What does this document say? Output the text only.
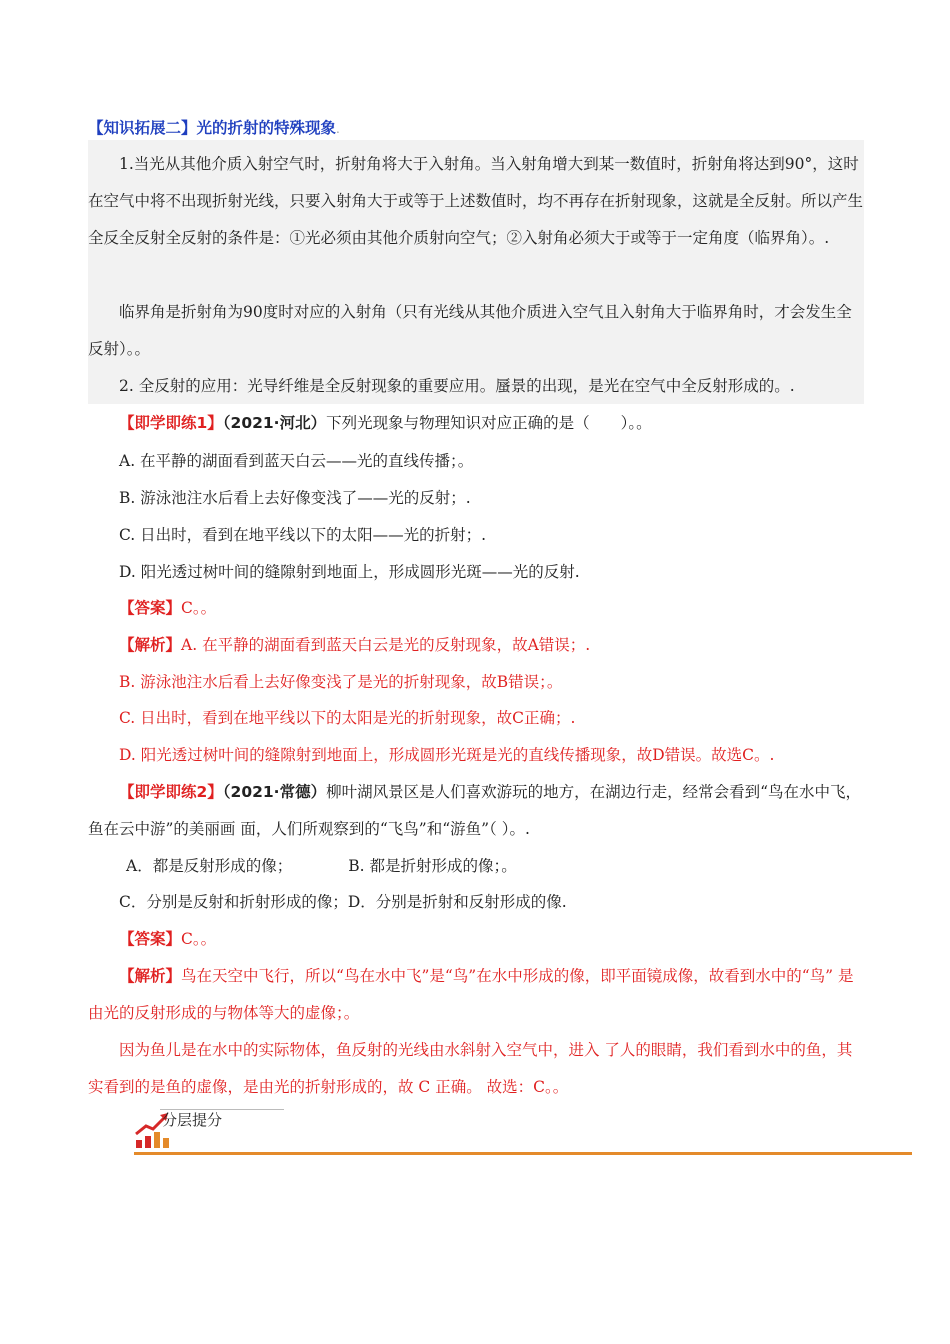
【知识拓展二】光的折射的特殊现象.
1.当光从其他介质入射空气时，折射角将大于入射角。当入射角增大到某一数值时，折射角将达到90°，这时在空气中将不出现折射光线，只要入射角大于或等于上述数值时，均不再存在折射现象，这就是全反射。所以产生全反全反射全反射的条件是：①光必须由其他介质射向空气；②入射角必须大于或等于一定角度（临界角）。.
临界角是折射角为90度时对应的入射角（只有光线从其他介质进入空气且入射角大于临界角时，才会发生全反射）。。
2. 全反射的应用：光导纤维是全反射现象的重要应用。蜃景的出现，是光在空气中全反射形成的。.
【即学即练1】（2021·河北）下列光现象与物理知识对应正确的是（　　）。。
A. 在平静的湖面看到蓝天白云——光的直线传播；。
B. 游泳池注水后看上去好像变浅了——光的反射；.
C. 日出时，看到在地平线以下的太阳——光的折射；.
D. 阳光透过树叶间的缝隙射到地面上，形成圆形光斑——光的反射.
【答案】C。。
【解析】A. 在平静的湖面看到蓝天白云是光的反射现象，故A错误；.
B. 游泳池注水后看上去好像变浅了是光的折射现象，故B错误；。
C. 日出时，看到在地平线以下的太阳是光的折射现象，故C正确；.
D. 阳光透过树叶间的缝隙射到地面上，形成圆形光斑是光的直线传播现象，故D错误。故选C。.
【即学即练2】（2021·常德）柳叶湖风景区是人们喜欢游玩的地方，在湖边行走，经常会看到“鸟在水中飞，鱼在云中游”的美丽画 面，人们所观察到的“飞鸟”和“游鱼”（ ）。.
A．都是反射形成的像；	B. 都是折射形成的像；。
C．分别是反射和折射形成的像；D．分别是折射和反射形成的像.
【答案】C。。
【解析】鸟在天空中飞行，所以“鸟在水中飞”是“鸟”在水中形成的像，即平面镜成像，故看到水中的“鸟” 是由光的反射形成的与物体等大的虚像；。
因为鱼儿是在水中的实际物体，鱼反射的光线由水斜射入空气中，进入 了人的眼睛，我们看到水中的鱼，其实看到的是鱼的虚像，是由光的折射形成的，故 C 正确。 故选：C。。
分层提分
